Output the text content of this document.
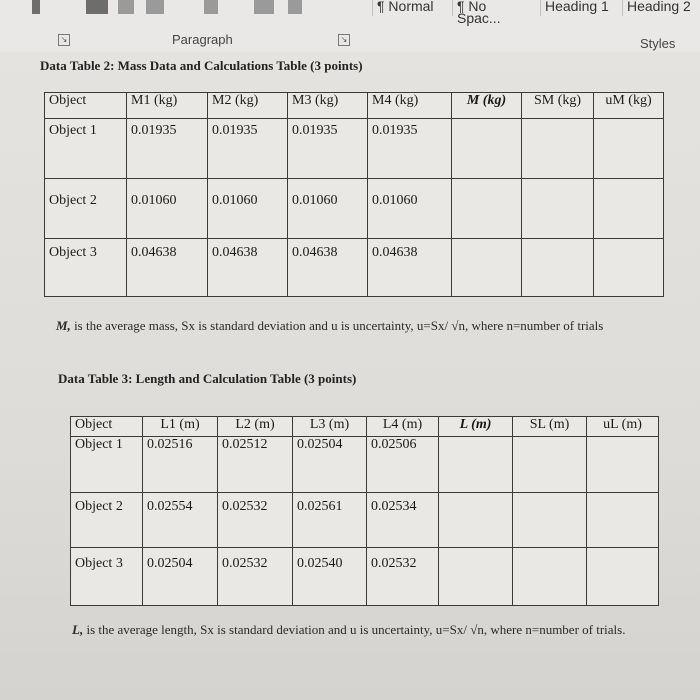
¶ Normal	¶ No Spac...
Heading 1	Heading 2
↘	Paragraph	↘	Styles
Data Table 2: Mass Data and Calculations Table (3 points)
Object	M1 (kg)	M2 (kg)	M3 (kg)	M4 (kg)	M (kg)	SM (kg)	uM (kg)
Object 1	0.01935	0.01935	0.01935	0.01935			
Object 2	0.01060	0.01060	0.01060	0.01060			
Object 3	0.04638	0.04638	0.04638	0.04638			
M, is the average mass, Sx is standard deviation and u is uncertainty, u=Sx/ √n, where n=number of trials
Data Table 3: Length and Calculation Table (3 points)
Object	L1 (m)	L2 (m)	L3 (m)	L4 (m)	L (m)	SL (m)	uL (m)
Object 1	0.02516	0.02512	0.02504	0.02506			
Object 2	0.02554	0.02532	0.02561	0.02534			
Object 3	0.02504	0.02532	0.02540	0.02532			
L, is the average length, Sx is standard deviation and u is uncertainty, u=Sx/ √n, where n=number of trials.
